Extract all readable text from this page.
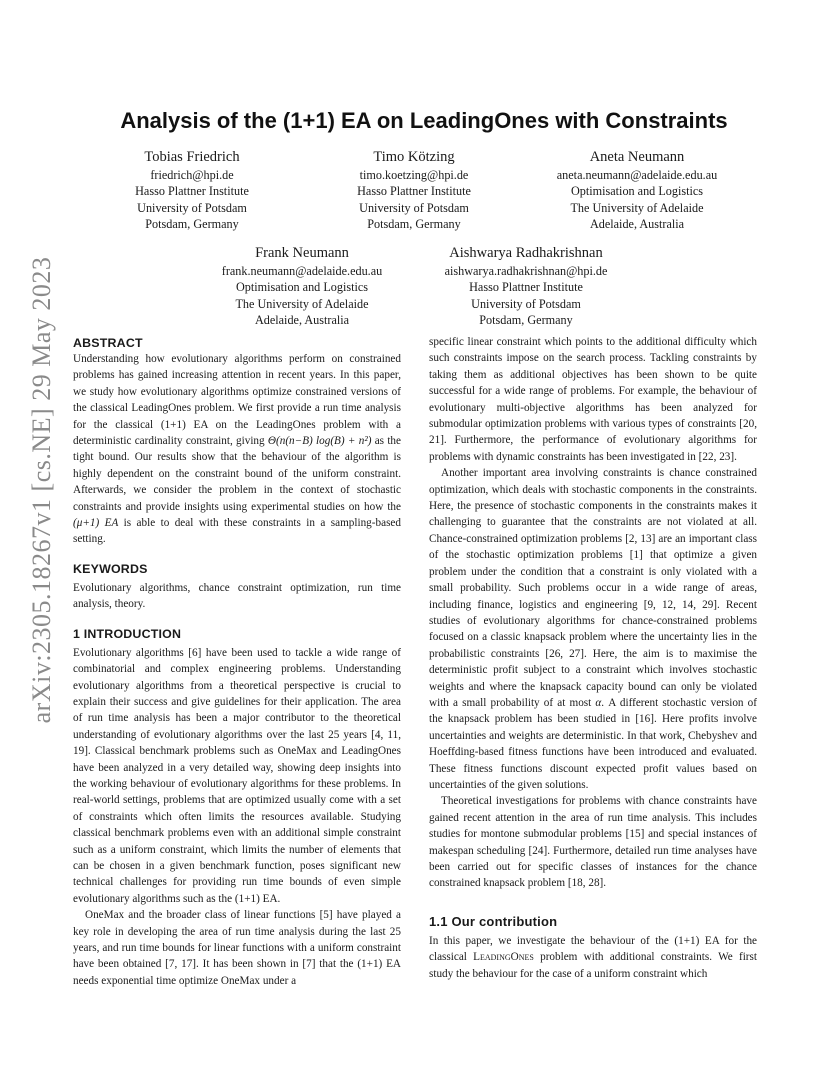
arXiv:2305.18267v1 [cs.NE] 29 May 2023
Analysis of the (1+1) EA on LeadingOnes with Constraints
Tobias Friedrich
friedrich@hpi.de
Hasso Plattner Institute
University of Potsdam
Potsdam, Germany
Timo Kötzing
timo.koetzing@hpi.de
Hasso Plattner Institute
University of Potsdam
Potsdam, Germany
Aneta Neumann
aneta.neumann@adelaide.edu.au
Optimisation and Logistics
The University of Adelaide
Adelaide, Australia
Frank Neumann
frank.neumann@adelaide.edu.au
Optimisation and Logistics
The University of Adelaide
Adelaide, Australia
Aishwarya Radhakrishnan
aishwarya.radhakrishnan@hpi.de
Hasso Plattner Institute
University of Potsdam
Potsdam, Germany
ABSTRACT

Understanding how evolutionary algorithms perform on constrained problems has gained increasing attention in recent years. In this paper, we study how evolutionary algorithms optimize constrained versions of the classical LeadingOnes problem. We first provide a run time analysis for the classical (1+1) EA on the LeadingOnes problem with a deterministic cardinality constraint, giving Θ(n(n−B) log(B) + n²) as the tight bound. Our results show that the behaviour of the algorithm is highly dependent on the constraint bound of the uniform constraint. Afterwards, we consider the problem in the context of stochastic constraints and provide insights using experimental studies on how the (μ+1) EA is able to deal with these constraints in a sampling-based setting.

KEYWORDS

Evolutionary algorithms, chance constraint optimization, run time analysis, theory.

1 INTRODUCTION

Evolutionary algorithms [6] have been used to tackle a wide range of combinatorial and complex engineering problems. Understanding evolutionary algorithms from a theoretical perspective is crucial to explain their success and give guidelines for their application. The area of run time analysis has been a major contributor to the theoretical understanding of evolutionary algorithms over the last 25 years [4, 11, 19]. Classical benchmark problems such as OneMax and LeadingOnes have been analyzed in a very detailed way, showing deep insights into the working behaviour of evolutionary algorithms for these problems. In real-world settings, problems that are optimized usually come with a set of constraints which often limits the resources available. Studying classical benchmark problems even with an additional simple constraint such as a uniform constraint, which limits the number of elements that can be chosen in a given benchmark function, poses significant new technical challenges for providing run time bounds of even simple evolutionary algorithms such as the (1+1) EA.

OneMax and the broader class of linear functions [5] have played a key role in developing the area of run time analysis during the last 25 years, and run time bounds for linear functions with a uniform constraint have been obtained [7, 17]. It has been shown in [7] that the (1+1) EA needs exponential time optimize OneMax under a

specific linear constraint which points to the additional difficulty which such constraints impose on the search process. Tackling constraints by taking them as additional objectives has been shown to be quite successful for a wide range of problems. For example, the behaviour of evolutionary multi-objective algorithms has been analyzed for submodular optimization problems with various types of constraints [20, 21]. Furthermore, the performance of evolutionary algorithms for problems with dynamic constraints has been investigated in [22, 23].

Another important area involving constraints is chance constrained optimization, which deals with stochastic components in the constraints. Here, the presence of stochastic components in the constraints makes it challenging to guarantee that the constraints are not violated at all. Chance-constrained optimization problems [2, 13] are an important class of the stochastic optimization problems [1] that optimize a given problem under the condition that a constraint is only violated with a small probability. Such problems occur in a wide range of areas, including finance, logistics and engineering [9, 12, 14, 29]. Recent studies of evolutionary algorithms for chance-constrained problems focused on a classic knapsack problem where the uncertainty lies in the probabilistic constraints [26, 27]. Here, the aim is to maximise the deterministic profit subject to a constraint which involves stochastic weights and where the knapsack capacity bound can only be violated with a small probability of at most α. A different stochastic version of the knapsack problem has been studied in [16]. Here profits involve uncertainties and weights are deterministic. In that work, Chebyshev and Hoeffding-based fitness functions have been introduced and evaluated. These fitness functions discount expected profit values based on uncertainties of the given solutions.

Theoretical investigations for problems with chance constraints have gained recent attention in the area of run time analysis. This includes studies for montone submodular problems [15] and special instances of makespan scheduling [24]. Furthermore, detailed run time analyses have been carried out for specific classes of instances for the chance constrained knapsack problem [18, 28].

1.1 Our contribution

In this paper, we investigate the behaviour of the (1+1) EA for the classical LeadingOnes problem with additional constraints. We first study the behaviour for the case of a uniform constraint which
